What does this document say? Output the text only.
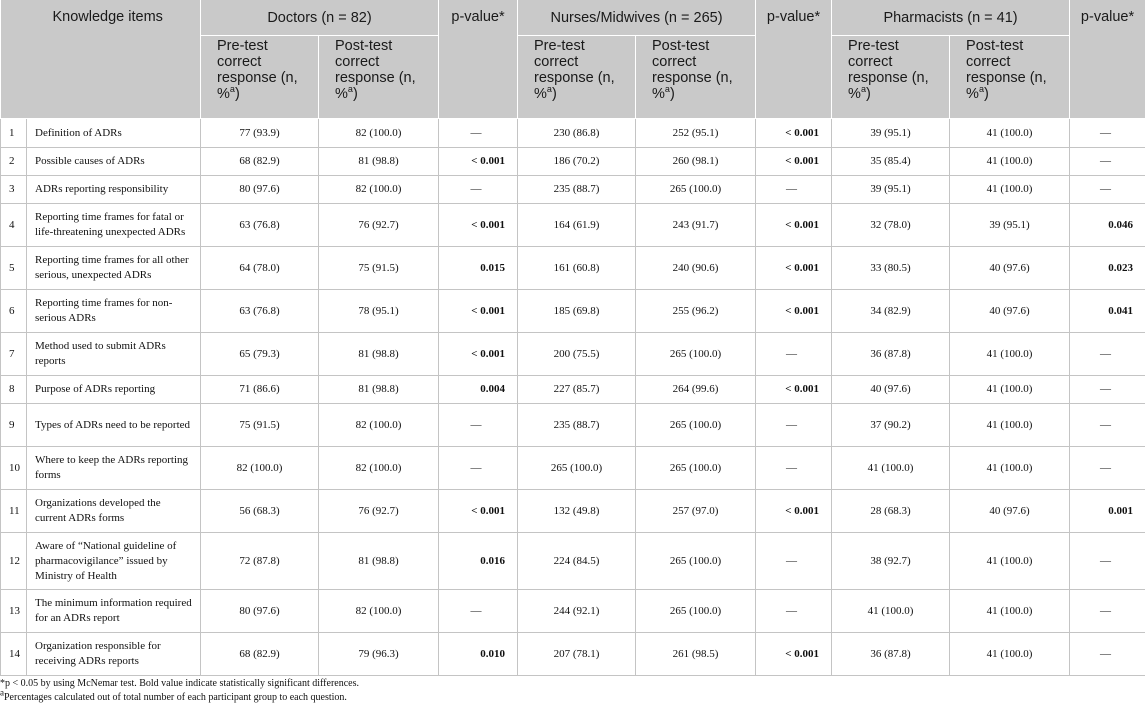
Knowledge items		Doctors (n = 82)		p-value*	Nurses/Midwives (n = 265)		p-value*	Pharmacists (n = 41)		p-value*

		Pre-test correct response (n, %$^a$)	Post-test correct response (n, %$^a$)		Pre-test correct response (n, %$^a$)	Post-test correct response (n, %$^a$)		Pre-test correct response (n, %$^a$)	Post-test correct response (n, %$^a$)	

1	Definition of ADRs	77 (93.9)	82 (100.0)	—	230 (86.8)	252 (95.1)	< 0.001	39 (95.1)	41 (100.0)	—
2	Possible causes of ADRs	68 (82.9)	81 (98.8)	< 0.001	186 (70.2)	260 (98.1)	< 0.001	35 (85.4)	41 (100.0)	—
3	ADRs reporting responsibility	80 (97.6)	82 (100.0)	—	235 (88.7)	265 (100.0)	—	39 (95.1)	41 (100.0)	—
4	Reporting time frames for fatal or life-threatening unexpected ADRs	63 (76.8)	76 (92.7)	< 0.001	164 (61.9)	243 (91.7)	< 0.001	32 (78.0)	39 (95.1)	0.046
5	Reporting time frames for all other serious, unexpected ADRs	64 (78.0)	75 (91.5)	0.015	161 (60.8)	240 (90.6)	< 0.001	33 (80.5)	40 (97.6)	0.023
6	Reporting time frames for non-serious ADRs	63 (76.8)	78 (95.1)	< 0.001	185 (69.8)	255 (96.2)	< 0.001	34 (82.9)	40 (97.6)	0.041
7	Method used to submit ADRs reports	65 (79.3)	81 (98.8)	< 0.001	200 (75.5)	265 (100.0)	—	36 (87.8)	41 (100.0)	—
8	Purpose of ADRs reporting	71 (86.6)	81 (98.8)	0.004	227 (85.7)	264 (99.6)	< 0.001	40 (97.6)	41 (100.0)	—
9	Types of ADRs need to be reported	75 (91.5)	82 (100.0)	—	235 (88.7)	265 (100.0)	—	37 (90.2)	41 (100.0)	—
10	Where to keep the ADRs reporting forms	82 (100.0)	82 (100.0)	—	265 (100.0)	265 (100.0)	—	41 (100.0)	41 (100.0)	—
11	Organizations developed the current ADRs forms	56 (68.3)	76 (92.7)	< 0.001	132 (49.8)	257 (97.0)	< 0.001	28 (68.3)	40 (97.6)	0.001
12	Aware of “National guideline of pharmacovigilance” issued by Ministry of Health	72 (87.8)	81 (98.8)	0.016	224 (84.5)	265 (100.0)	—	38 (92.7)	41 (100.0)	—
13	The minimum information required for an ADRs report	80 (97.6)	82 (100.0)	—	244 (92.1)	265 (100.0)	—	41 (100.0)	41 (100.0)	—
14	Organization responsible for receiving ADRs reports	68 (82.9)	79 (96.3)	0.010	207 (78.1)	261 (98.5)	< 0.001	36 (87.8)	41 (100.0)	—
*p < 0.05 by using McNemar test. Bold value indicate statistically significant differences.
aPercentages calculated out of total number of each participant group to each question.
